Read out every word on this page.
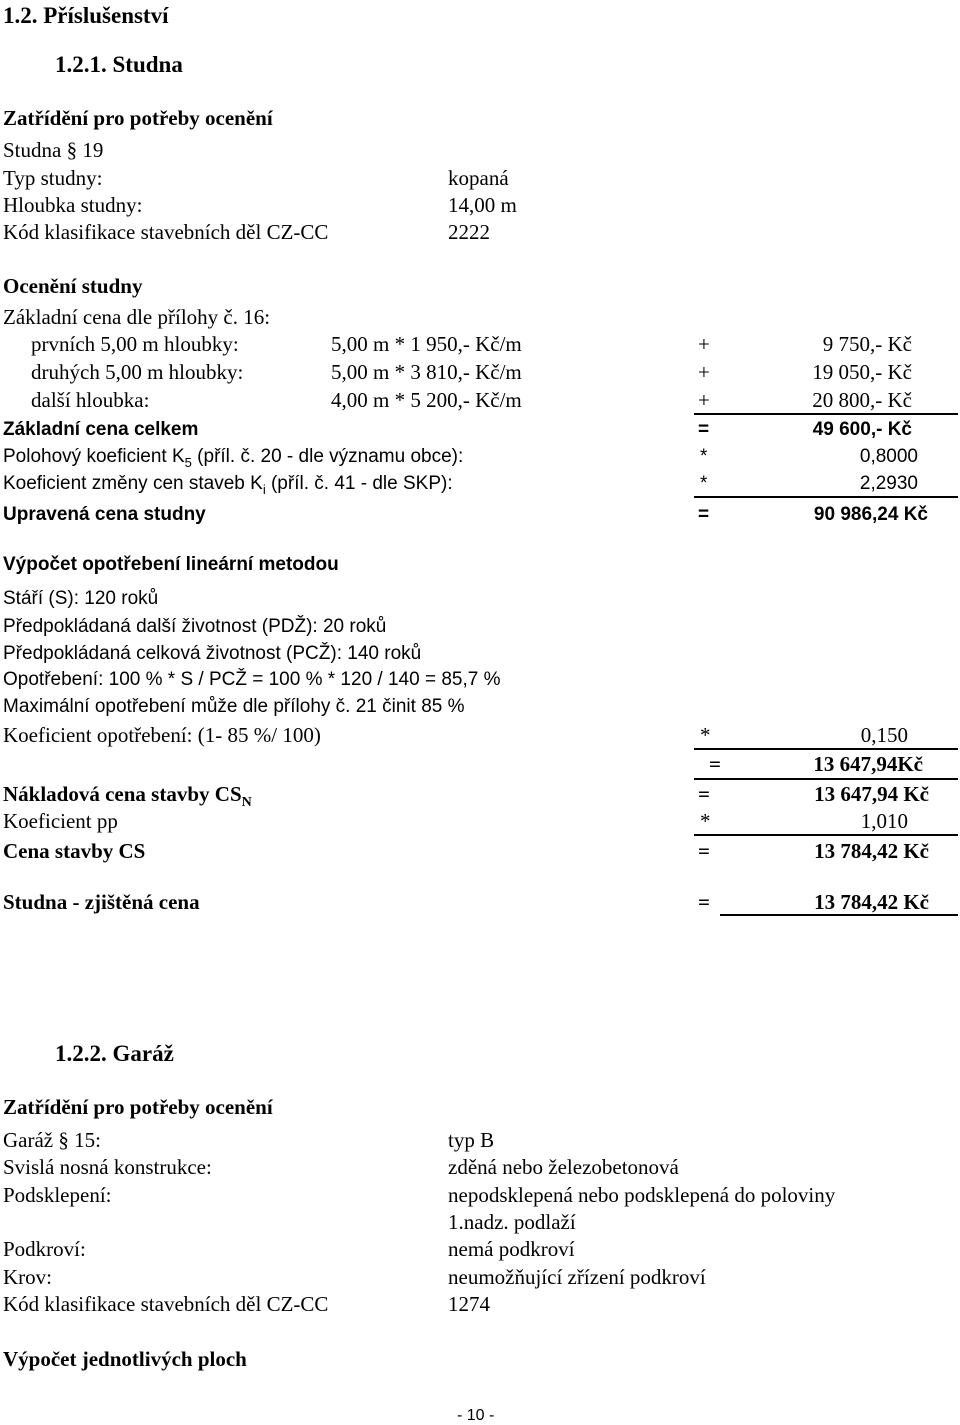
1.2. Příslušenství
1.2.1. Studna
Zatřídění pro potřeby ocenění
Studna § 19
Typ studny:	kopaná
Hloubka studny:	14,00 m
Kód klasifikace stavebních děl CZ-CC	2222
Ocenění studny
Základní cena dle přílohy č. 16:
prvních 5,00 m hloubky:	5,00 m * 1 950,- Kč/m	+	9 750,- Kč
druhých 5,00 m hloubky:	5,00 m * 3 810,- Kč/m	+	19 050,- Kč
další hloubka:	4,00 m * 5 200,- Kč/m	+	20 800,- Kč
Základní cena celkem	=	49 600,- Kč
Polohový koeficient $K_5$ (příl. č. 20 - dle významu obce):	*	0,8000
Koeficient změny cen staveb $K_i$ (příl. č. 41 - dle SKP):	*	2,2930
Upravená cena studny	=	90 986,24 Kč
Výpočet opotřebení lineární metodou
Stáří (S): 120 roků
Předpokládaná další životnost (PDŽ): 20 roků
Předpokládaná celková životnost (PCŽ): 140 roků
Opotřebení: 100 % * S / PCŽ = 100 % * 120 / 140 = 85,7 %
Maximální opotřebení může dle přílohy č. 21 činit 85 %
Koeficient opotřebení: (1- 85 %/ 100)	*	0,150
=	13 647,94Kč
Nákladová cena stavby $CS_N$	=	13 647,94 Kč
Koeficient pp	*	1,010
Cena stavby CS	=	13 784,42 Kč
Studna - zjištěná cena	=	13 784,42 Kč
1.2.2. Garáž
Zatřídění pro potřeby ocenění
Garáž § 15:	typ B
Svislá nosná konstrukce:	zděná nebo železobetonová
Podsklepení:	nepodsklepená nebo podsklepená do poloviny
1.nadz. podlaží
Podkroví:	nemá podkroví
Krov:	neumožňující zřízení podkroví
Kód klasifikace stavebních děl CZ-CC	1274
Výpočet jednotlivých ploch
- 10 -
